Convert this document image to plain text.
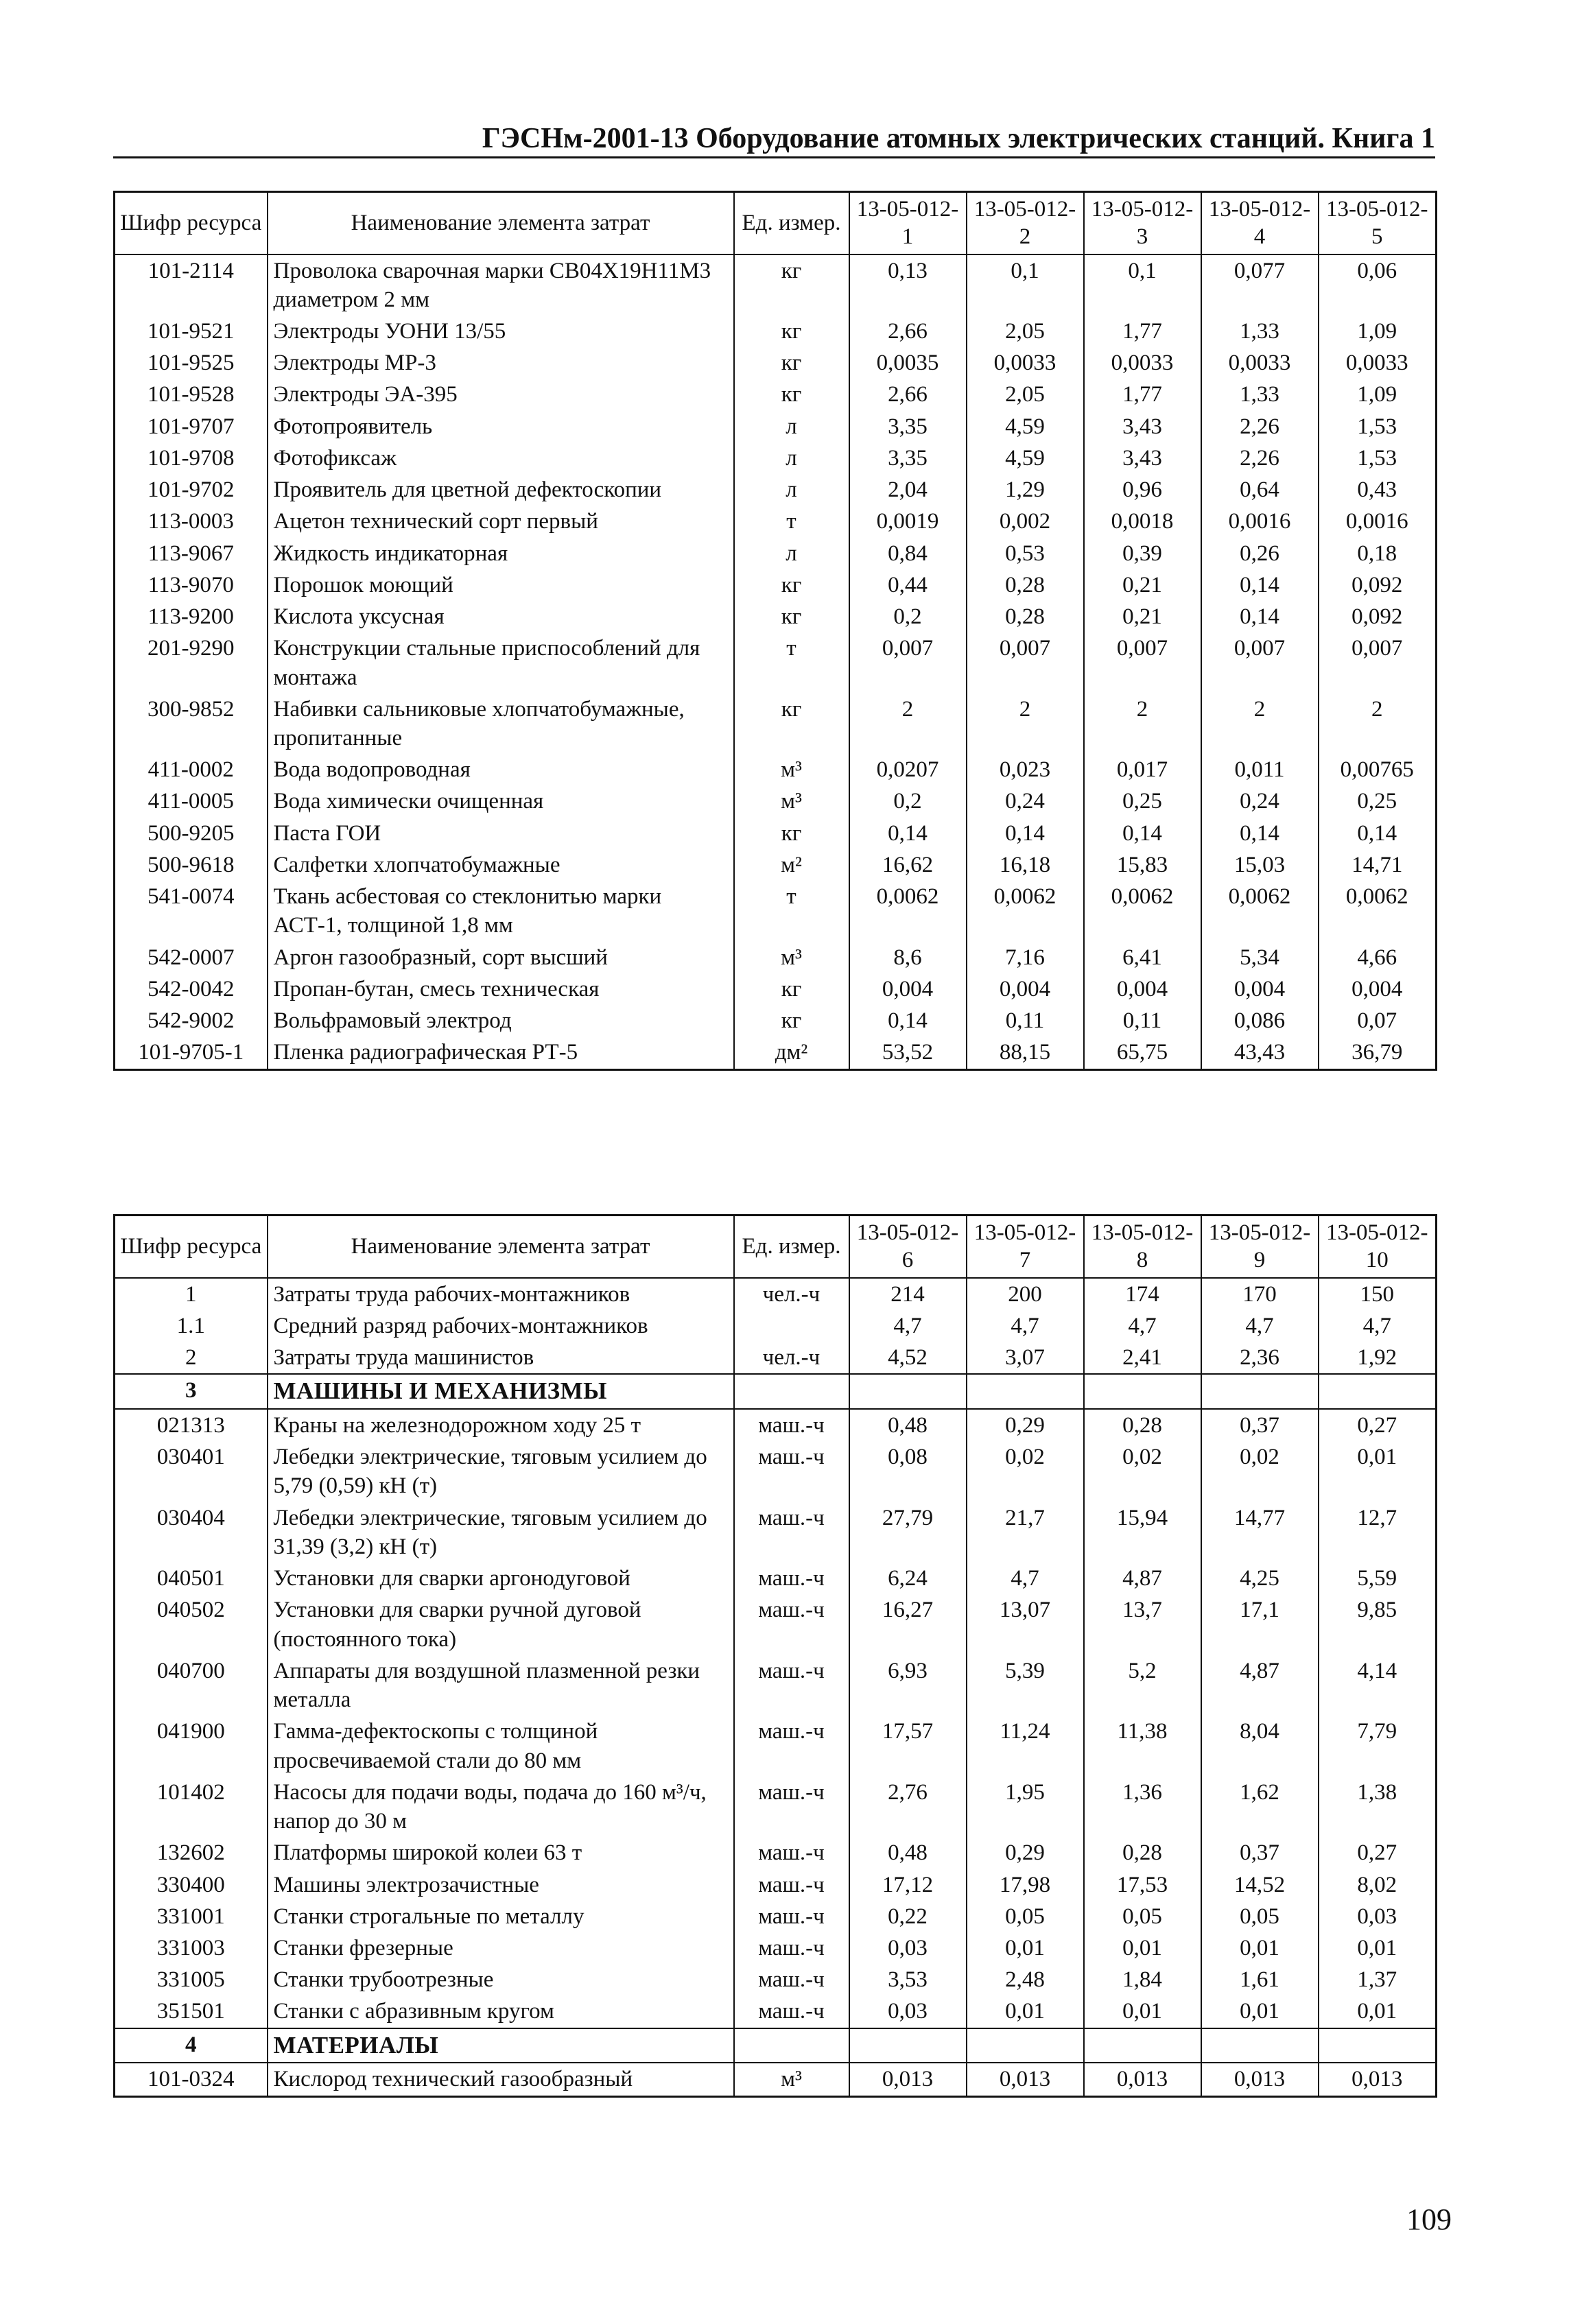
ГЭСНм-2001-13 Оборудование атомных электрических станций. Книга 1
Шифр ресурса	Наименование элемента затрат	Ед. измер.	13-05-012-1	13-05-012-2	13-05-012-3	13-05-012-4	13-05-012-5
101-2114	Проволока сварочная марки СВ04Х19Н11М3 диаметром 2 мм	кг	0,13	0,1	0,1	0,077	0,06
101-9521	Электроды УОНИ 13/55	кг	2,66	2,05	1,77	1,33	1,09
101-9525	Электроды МР-3	кг	0,0035	0,0033	0,0033	0,0033	0,0033
101-9528	Электроды ЭА-395	кг	2,66	2,05	1,77	1,33	1,09
101-9707	Фотопроявитель	л	3,35	4,59	3,43	2,26	1,53
101-9708	Фотофиксаж	л	3,35	4,59	3,43	2,26	1,53
101-9702	Проявитель для цветной дефектоскопии	л	2,04	1,29	0,96	0,64	0,43
113-0003	Ацетон технический сорт первый	т	0,0019	0,002	0,0018	0,0016	0,0016
113-9067	Жидкость индикаторная	л	0,84	0,53	0,39	0,26	0,18
113-9070	Порошок моющий	кг	0,44	0,28	0,21	0,14	0,092
113-9200	Кислота уксусная	кг	0,2	0,28	0,21	0,14	0,092
201-9290	Конструкции стальные приспособлений для монтажа	т	0,007	0,007	0,007	0,007	0,007
300-9852	Набивки сальниковые хлопчатобумажные, пропитанные	кг	2	2	2	2	2
411-0002	Вода водопроводная	м³	0,0207	0,023	0,017	0,011	0,00765
411-0005	Вода химически очищенная	м³	0,2	0,24	0,25	0,24	0,25
500-9205	Паста ГОИ	кг	0,14	0,14	0,14	0,14	0,14
500-9618	Салфетки хлопчатобумажные	м²	16,62	16,18	15,83	15,03	14,71
541-0074	Ткань асбестовая со стеклонитью марки АСТ-1, толщиной 1,8 мм	т	0,0062	0,0062	0,0062	0,0062	0,0062
542-0007	Аргон газообразный, сорт высший	м³	8,6	7,16	6,41	5,34	4,66
542-0042	Пропан-бутан, смесь техническая	кг	0,004	0,004	0,004	0,004	0,004
542-9002	Вольфрамовый электрод	кг	0,14	0,11	0,11	0,086	0,07
101-9705-1	Пленка радиографическая РТ-5	дм²	53,52	88,15	65,75	43,43	36,79
Шифр ресурса	Наименование элемента затрат	Ед. измер.	13-05-012-6	13-05-012-7	13-05-012-8	13-05-012-9	13-05-012-10
1	Затраты труда рабочих-монтажников	чел.-ч	214	200	174	170	150
1.1	Средний разряд рабочих-монтажников		4,7	4,7	4,7	4,7	4,7
2	Затраты труда машинистов	чел.-ч	4,52	3,07	2,41	2,36	1,92
3	МАШИНЫ И МЕХАНИЗМЫ						
021313	Краны на железнодорожном ходу 25 т	маш.-ч	0,48	0,29	0,28	0,37	0,27
030401	Лебедки электрические, тяговым усилием до 5,79 (0,59) кН (т)	маш.-ч	0,08	0,02	0,02	0,02	0,01
030404	Лебедки электрические, тяговым усилием до 31,39 (3,2) кН (т)	маш.-ч	27,79	21,7	15,94	14,77	12,7
040501	Установки для сварки аргонодуговой	маш.-ч	6,24	4,7	4,87	4,25	5,59
040502	Установки для сварки ручной дуговой (постоянного тока)	маш.-ч	16,27	13,07	13,7	17,1	9,85
040700	Аппараты для воздушной плазменной резки металла	маш.-ч	6,93	5,39	5,2	4,87	4,14
041900	Гамма-дефектоскопы с толщиной просвечиваемой стали до 80 мм	маш.-ч	17,57	11,24	11,38	8,04	7,79
101402	Насосы для подачи воды, подача до 160 м³/ч, напор до 30 м	маш.-ч	2,76	1,95	1,36	1,62	1,38
132602	Платформы широкой колеи 63 т	маш.-ч	0,48	0,29	0,28	0,37	0,27
330400	Машины электрозачистные	маш.-ч	17,12	17,98	17,53	14,52	8,02
331001	Станки строгальные по металлу	маш.-ч	0,22	0,05	0,05	0,05	0,03
331003	Станки фрезерные	маш.-ч	0,03	0,01	0,01	0,01	0,01
331005	Станки трубоотрезные	маш.-ч	3,53	2,48	1,84	1,61	1,37
351501	Станки с абразивным кругом	маш.-ч	0,03	0,01	0,01	0,01	0,01
4	МАТЕРИАЛЫ						
101-0324	Кислород технический газообразный	м³	0,013	0,013	0,013	0,013	0,013
109
